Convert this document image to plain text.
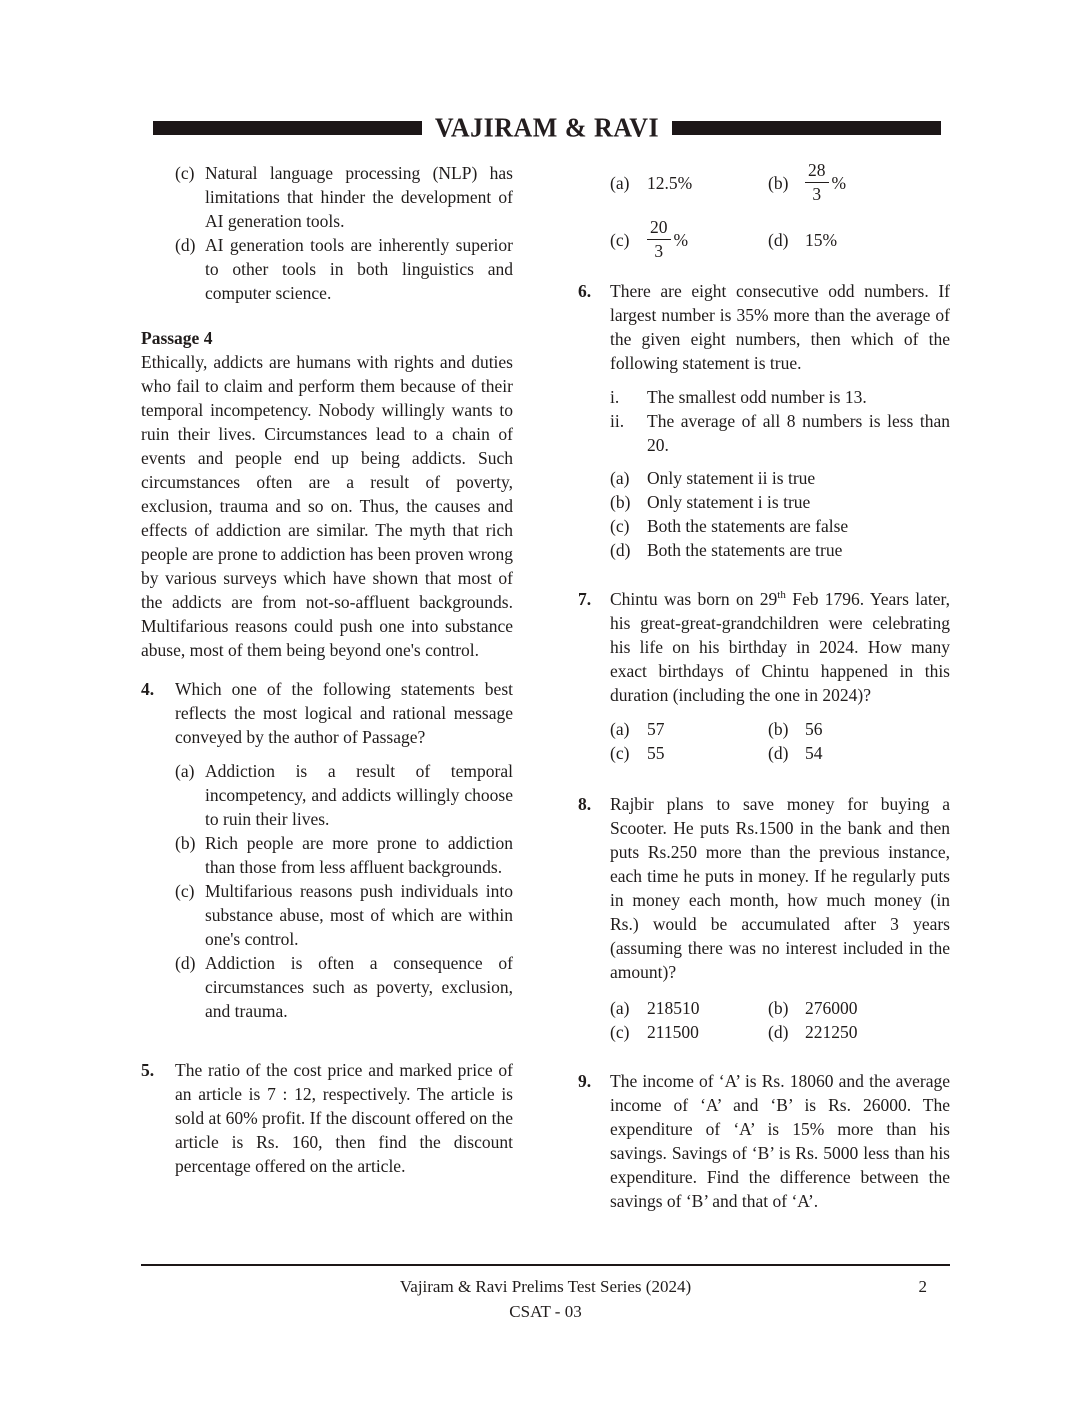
VAJIRAM & RAVI
(c) Natural language processing (NLP) has limitations that hinder the development of AI generation tools.
(d) AI generation tools are inherently superior to other tools in both linguistics and computer science.
Passage 4
Ethically, addicts are humans with rights and duties who fail to claim and perform them because of their temporal incompetency. Nobody willingly wants to ruin their lives. Circumstances lead to a chain of events and people end up being addicts. Such circumstances often are a result of poverty, exclusion, trauma and so on. Thus, the causes and effects of addiction are similar. The myth that rich people are prone to addiction has been proven wrong by various surveys which have shown that most of the addicts are from not-so-affluent backgrounds. Multifarious reasons could push one into substance abuse, most of them being beyond one's control.
4.	Which one of the following statements best reflects the most logical and rational message conveyed by the author of Passage?
(a) Addiction is a result of temporal incompetency, and addicts willingly choose to ruin their lives.
(b) Rich people are more prone to addiction than those from less affluent backgrounds.
(c) Multifarious reasons push individuals into substance abuse, most of which are within one's control.
(d) Addiction is often a consequence of circumstances such as poverty, exclusion, and trauma.
5.	The ratio of the cost price and marked price of an article is 7 : 12, respectively. The article is sold at 60% profit. If the discount offered on the article is Rs. 160, then find the discount percentage offered on the article.
(a)	12.5%	$(b) \frac{28}{3}$ %
(c)	$\frac{20}{3}$ %	(d) 15%
6.	There are eight consecutive odd numbers. If largest number is 35% more than the average of the given eight numbers, then which of the following statement is true.
i.	The smallest odd number is 13.
ii.	The average of all 8 numbers is less than 20.
(a)	Only statement ii is true
(b) Only statement i is true
(c)	Both the statements are false
(d) Both the statements are true
7.	Chintu was born on 29th Feb 1796. Years later, his great-great-grandchildren were celebrating his life on his birthday in 2024. How many exact birthdays of Chintu happened in this duration (including the one in 2024)?
(a)	57	(b) 56
(c)	55	(d) 54
8.	Rajbir plans to save money for buying a Scooter. He puts Rs.1500 in the bank and then puts Rs.250 more than the previous instance, each time he puts in money. If he regularly puts in money each month, how much money (in Rs.) would be accumulated after 3 years (assuming there was no interest included in the amount)?
(a)	218510	(b) 276000
(c)	211500	(d) 221250
9.	The income of ‘A’ is Rs. 18060 and the average income of ‘A’ and ‘B’ is Rs. 26000. The expenditure of ‘A’ is 15% more than his savings. Savings of ‘B’ is Rs. 5000 less than his expenditure. Find the difference between the savings of ‘B’ and that of ‘A’.
Vajiram & Ravi Prelims Test Series (2024)
CSAT - 03
2
